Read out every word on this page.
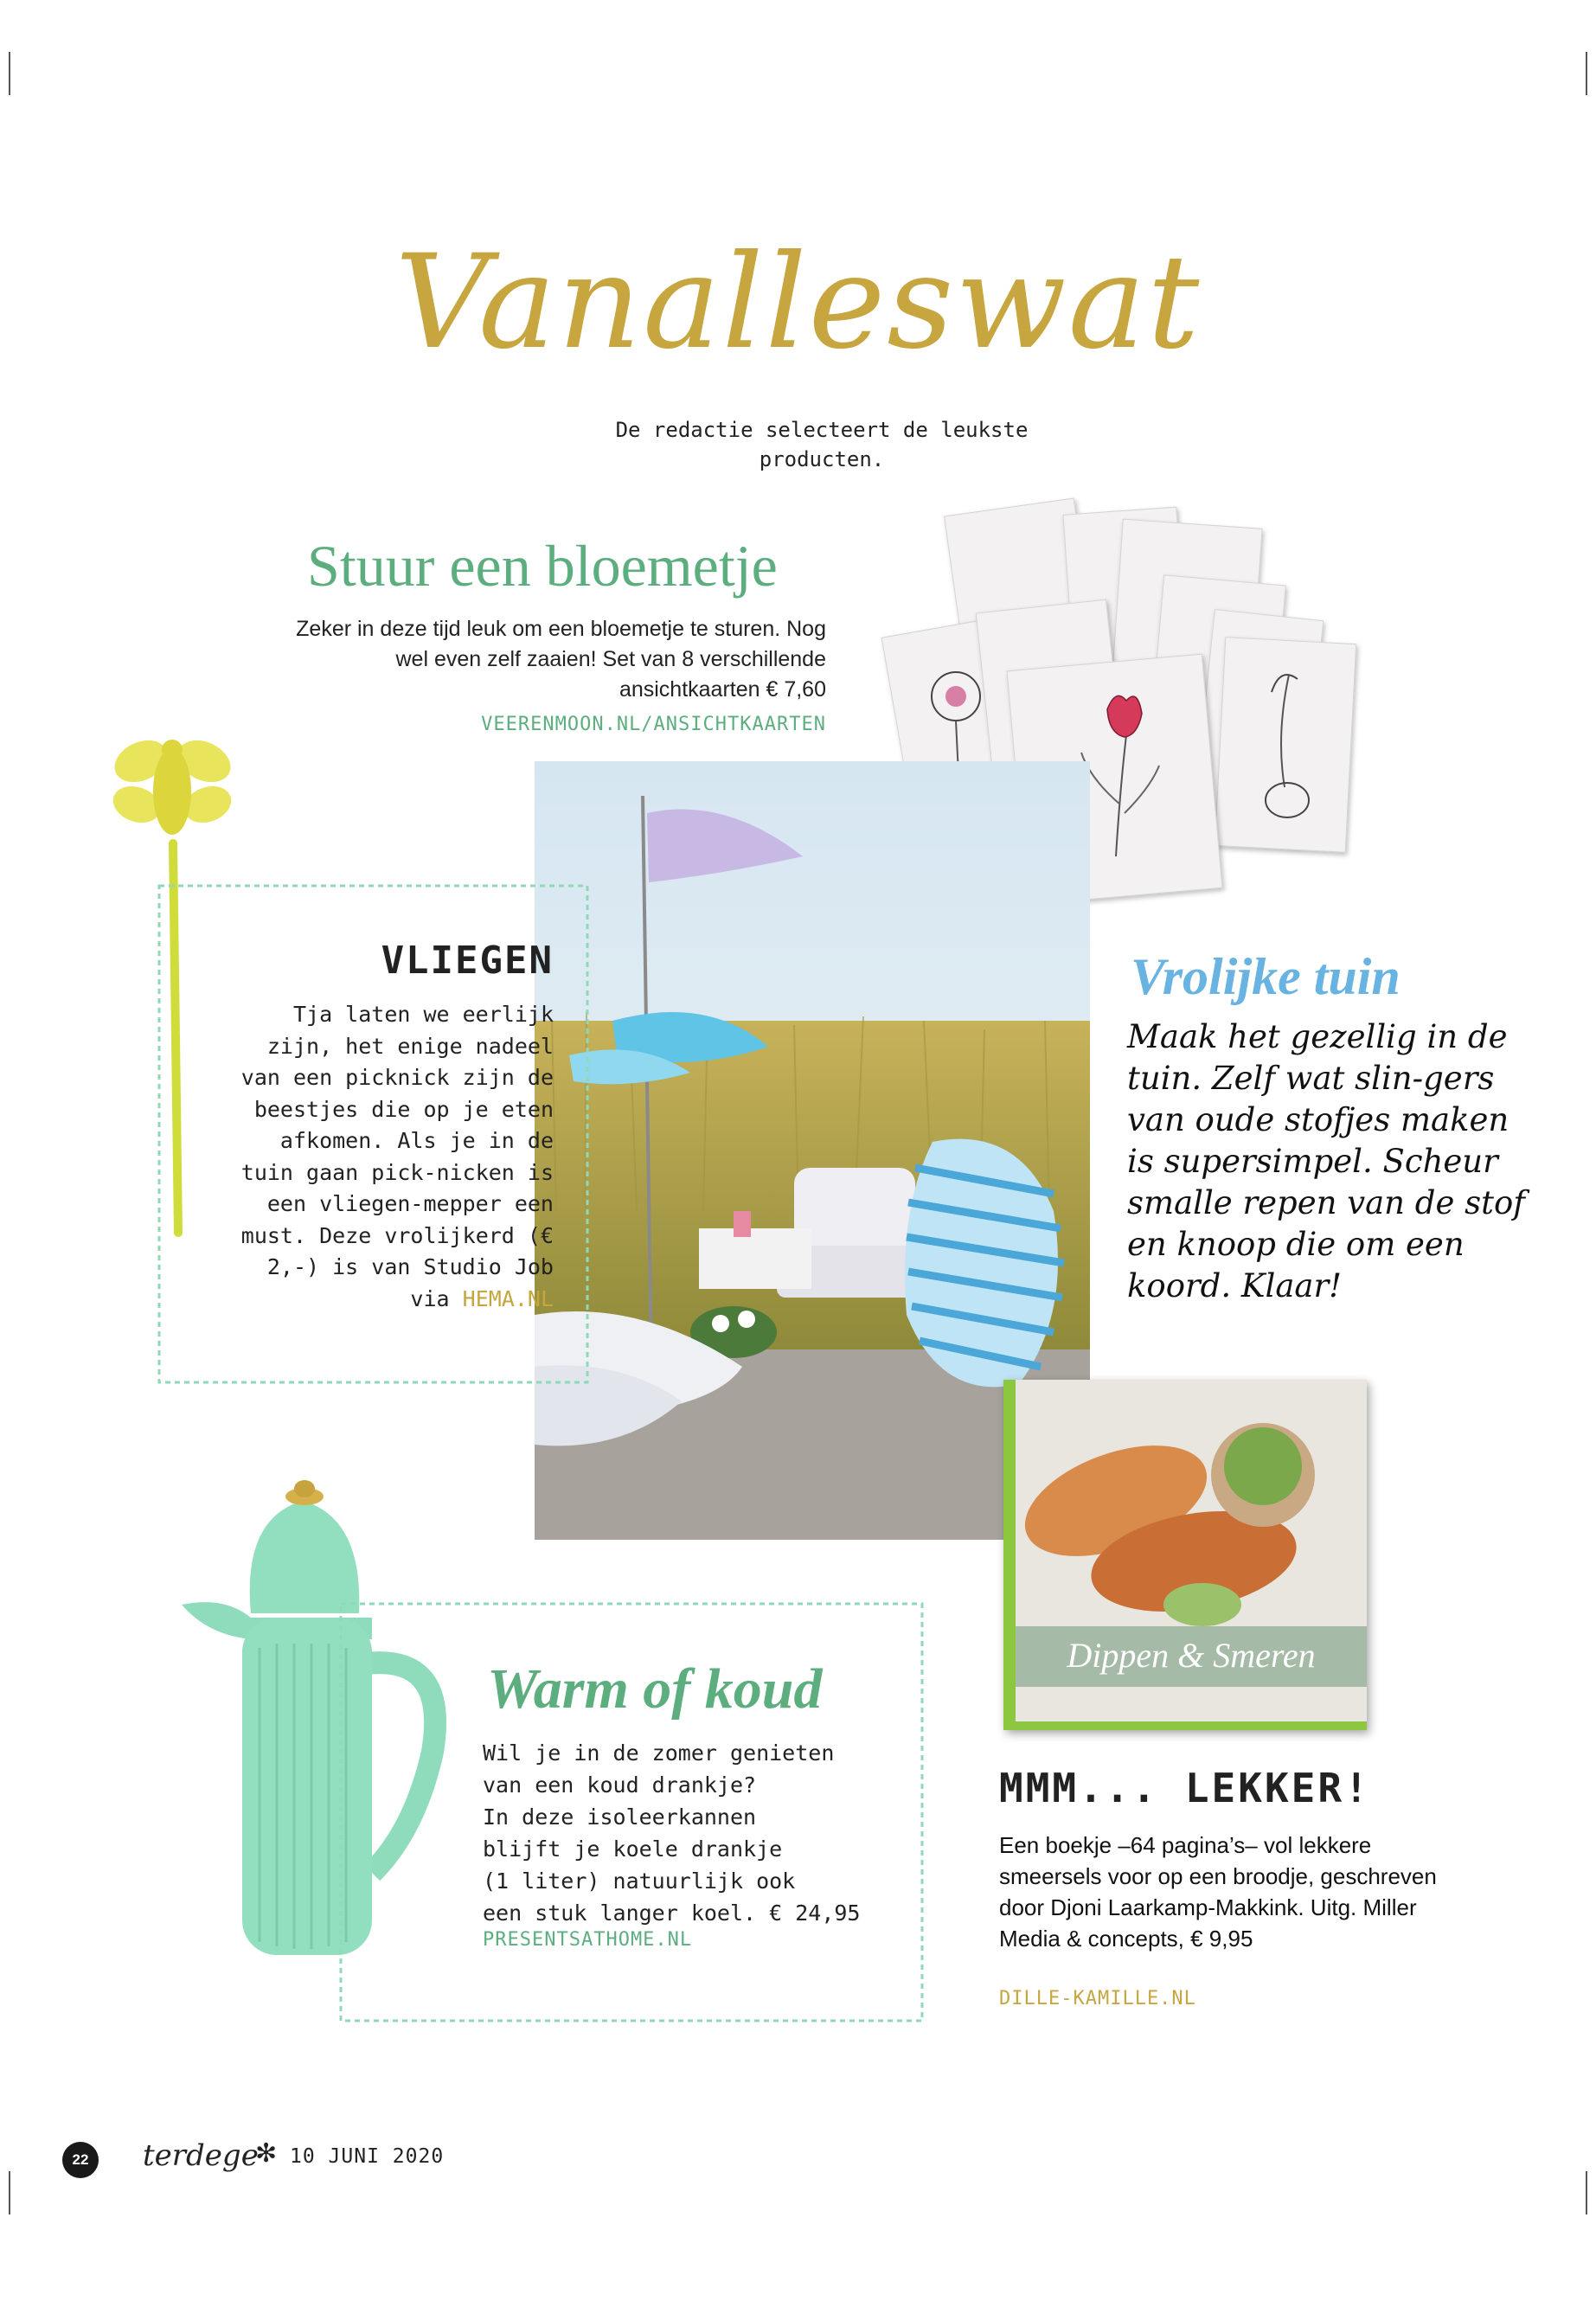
Vanalleswat
De redactie selecteert de leukste producten.
Stuur een bloemetje
Zeker in deze tijd leuk om een bloemetje te sturen. Nog wel even zelf zaaien! Set van 8 verschillende ansichtkaarten € 7,60
VEERENMOON.NL/ANSICHTKAARTEN
VLIEGEN
Tja laten we eerlijk zijn, het enige nadeel van een picknick zijn de beestjes die op je eten afkomen. Als je in de tuin gaan pick-nicken is een vliegen-mepper een must. Deze vrolijkerd (€ 2,-) is van Studio Job via HEMA.NL
Vrolijke tuin
Maak het gezellig in de tuin. Zelf wat slin-gers van oude stofjes maken is supersimpel. Scheur smalle repen van de stof en knoop die om een koord. Klaar!
Warm of koud
Wil je in de zomer genieten
van een koud drankje?
In deze isoleerkannen
blijft je koele drankje
(1 liter) natuurlijk ook
een stuk langer koel. € 24,95
PRESENTSATHOME.NL
Dippen & Smeren
MMM... LEKKER!
Een boekje –64 pagina’s– vol lekkere smeersels voor op een broodje, geschreven door Djoni Laarkamp-Makkink. Uitg. Miller Media & concepts, € 9,95
DILLE-KAMILLE.NL
22	terdege
✻ 10 JUNI 2020
